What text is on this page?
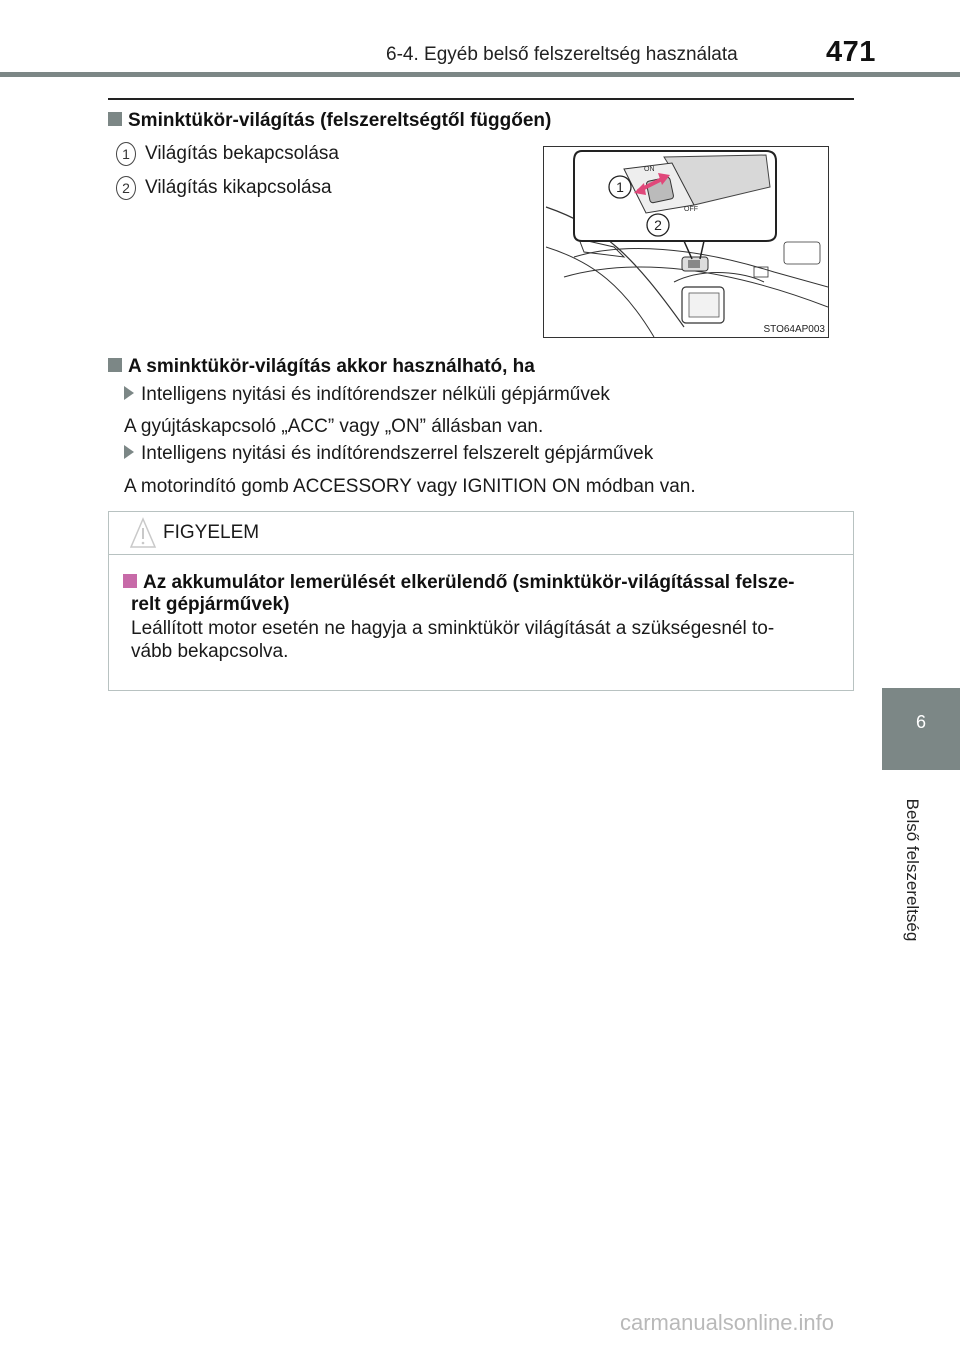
6-4. Egyéb belső felszereltség használata	471
6
Belső felszereltség
Sminktükör-világítás (felszereltségtől függően)
1 Világítás bekapcsolása
2 Világítás kikapcsolása
ON
OFF
1
2
STO64AP003
A sminktükör-világítás akkor használható, ha
Intelligens nyitási és indítórendszer nélküli gépjárművek
A gyújtáskapcsoló „ACC” vagy „ON” állásban van.
Intelligens nyitási és indítórendszerrel felszerelt gépjárművek
A motorindító gomb ACCESSORY vagy IGNITION ON módban van.
FIGYELEM
Az akkumulátor lemerülését elkerülendő (sminktükör-világítással felsze-
relt gépjárművek)
Leállított motor esetén ne hagyja a sminktükör világítását a szükségesnél to-
vább bekapcsolva.
carmanualsonline.info
